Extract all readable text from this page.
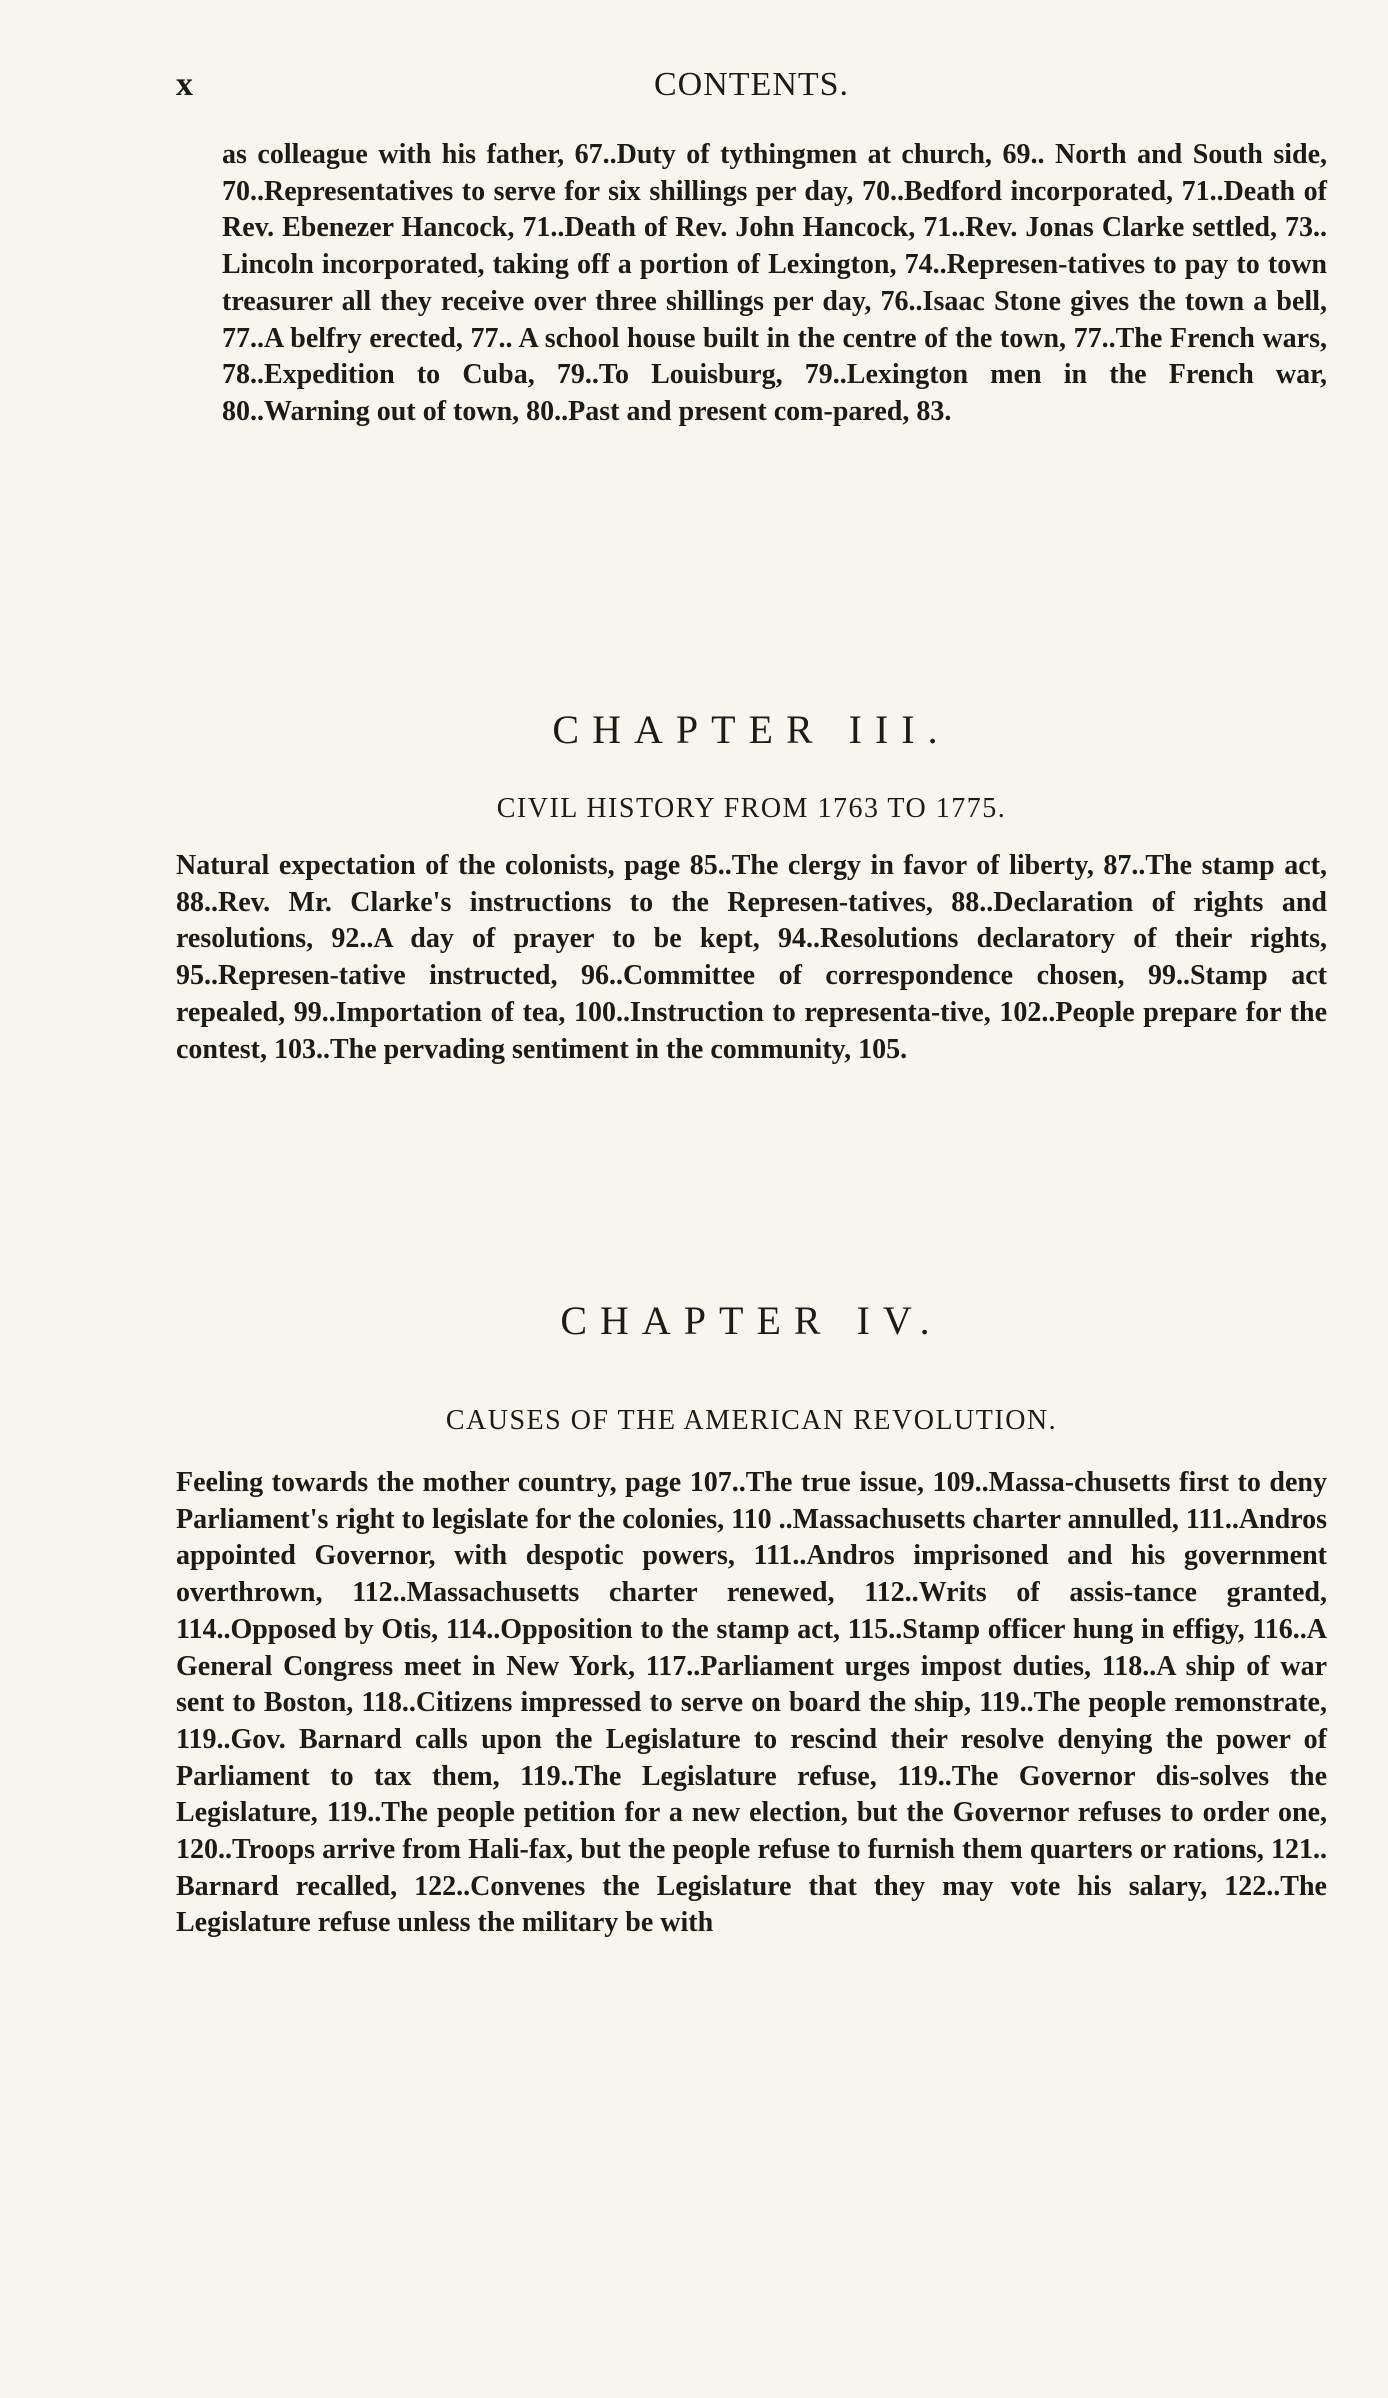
x	CONTENTS.

as colleague with his father, 67..Duty of tythingmen at church, 69.. North and South side, 70..Representatives to serve for six shillings per day, 70..Bedford incorporated, 71..Death of Rev. Ebenezer Hancock, 71..Death of Rev. John Hancock, 71..Rev. Jonas Clarke settled, 73.. Lincoln incorporated, taking off a portion of Lexington, 74..Represen-tatives to pay to town treasurer all they receive over three shillings per day, 76..Isaac Stone gives the town a bell, 77..A belfry erected, 77.. A school house built in the centre of the town, 77..The French wars, 78..Expedition to Cuba, 79..To Louisburg, 79..Lexington men in the French war, 80..Warning out of town, 80..Past and present com-pared, 83.

CHAPTER III.
CIVIL HISTORY FROM 1763 TO 1775.

Natural expectation of the colonists, page 85..The clergy in favor of liberty, 87..The stamp act, 88..Rev. Mr. Clarke's instructions to the Represen-tatives, 88..Declaration of rights and resolutions, 92..A day of prayer to be kept, 94..Resolutions declaratory of their rights, 95..Represen-tative instructed, 96..Committee of correspondence chosen, 99..Stamp act repealed, 99..Importation of tea, 100..Instruction to representa-tive, 102..People prepare for the contest, 103..The pervading sentiment in the community, 105.

CHAPTER IV.
CAUSES OF THE AMERICAN REVOLUTION.

Feeling towards the mother country, page 107..The true issue, 109..Massa-chusetts first to deny Parliament's right to legislate for the colonies, 110 ..Massachusetts charter annulled, 111..Andros appointed Governor, with despotic powers, 111..Andros imprisoned and his government overthrown, 112..Massachusetts charter renewed, 112..Writs of assis-tance granted, 114..Opposed by Otis, 114..Opposition to the stamp act, 115..Stamp officer hung in effigy, 116..A General Congress meet in New York, 117..Parliament urges impost duties, 118..A ship of war sent to Boston, 118..Citizens impressed to serve on board the ship, 119..The people remonstrate, 119..Gov. Barnard calls upon the Legislature to rescind their resolve denying the power of Parliament to tax them, 119..The Legislature refuse, 119..The Governor dis-solves the Legislature, 119..The people petition for a new election, but the Governor refuses to order one, 120..Troops arrive from Hali-fax, but the people refuse to furnish them quarters or rations, 121.. Barnard recalled, 122..Convenes the Legislature that they may vote his salary, 122..The Legislature refuse unless the military be with
